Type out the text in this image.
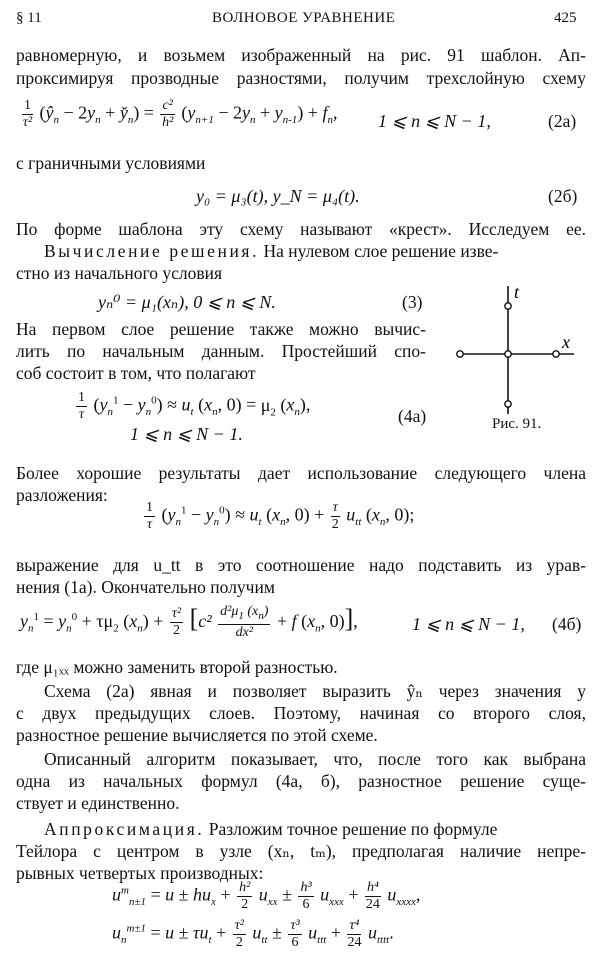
§ 11	ВОЛНОВОЕ УРАВНЕНИЕ	425
равномерную, и возьмем изображенный на рис. 91 шаблон. Ап-
проксимируя прозводные разностями, получим трехслойную схему
$\frac{1}{\text{τ²}}$ ($ŷ_n - 2y_n$ + $y̌_n) = \frac{\text{c²}}{\text{h²}} (y_{n+1} - 2y_n + y_{n-1}) + f_n$, 1 ⩽ n ⩽ N − 1,	(2а)
с граничными условиями
y₀ = μ₃(t), y_N = μ₄(t).	(2б)
По форме шаблона эту схему называют «крест». Исследуем ее.
Вычисление решения. На нулевом слое решение изве-
стно из начального условия
yₙ⁰ = μ₁(xₙ), 0 ⩽ n ⩽ N.	(3)
На первом слое решение также можно вычис-
лить по начальным данным. Простейший спо-
соб состоит в том, что полагают
$\frac{1}{\tau} (y_n^1 - y_n^0) \approx u_t$ ($x_n$, $0) = \mu_2$ $(x_n)$,
1 ⩽ n ⩽ N − 1.
(4а)
t
x
Рис. 91.
Более хорошие результаты дает использование следующего члена
разложения:
$\frac{1}{\tau} (y_n^1 - y_n^0) \approx u_t$ ($x_n$, $0) + \frac{\tau}{2} u_{tt}$ ($x_n$, 0);
выражение для u_tt в это соотношение надо подставить из урав-
нения (1а). Окончательно получим
$y_n^1 = y_n^0 + \tau\mu_2$ $(x_n) + \frac{\text{τ²}}{2} [c^2 \frac{d^2\mu_1 (x_n)}{\text{dx²}} + f$ ($x_n$, 0)],	1 ⩽ n ⩽ N − 1, (4б)
где μ₁ₓₓ можно заменить второй разностью.
Схема (2а) явная и позволяет выразить ŷₙ через значения y
с двух предыдущих слоев. Поэтому, начиная со второго слоя,
разностное решение вычисляется по этой схеме.
Описанный алгоритм показывает, что, после того как выбрана
одна из начальных формул (4а, б), разностное решение суще-
ствует и единственно.
Аппроксимация. Разложим точное решение по формуле
Тейлора с центром в узле (xₙ, tₘ), предполагая наличие непре-
рывных четвертых производных:
$u^m_{n\pm 1} = u \pm hu_x + \frac{\text{h²}}{2} u_{xx} \pm \frac{\text{h³}}{6} u_{xxx} + \frac{\text{h⁴}}{24} u_{xxxx}$,
$u_n^{m\pm 1} = u \pm \tau u_t + \frac{\text{τ²}}{2} u_{tt} \pm \frac{\text{τ³}}{6} u_{ttt} + \frac{\text{τ⁴}}{24} u_{tttt}$.
